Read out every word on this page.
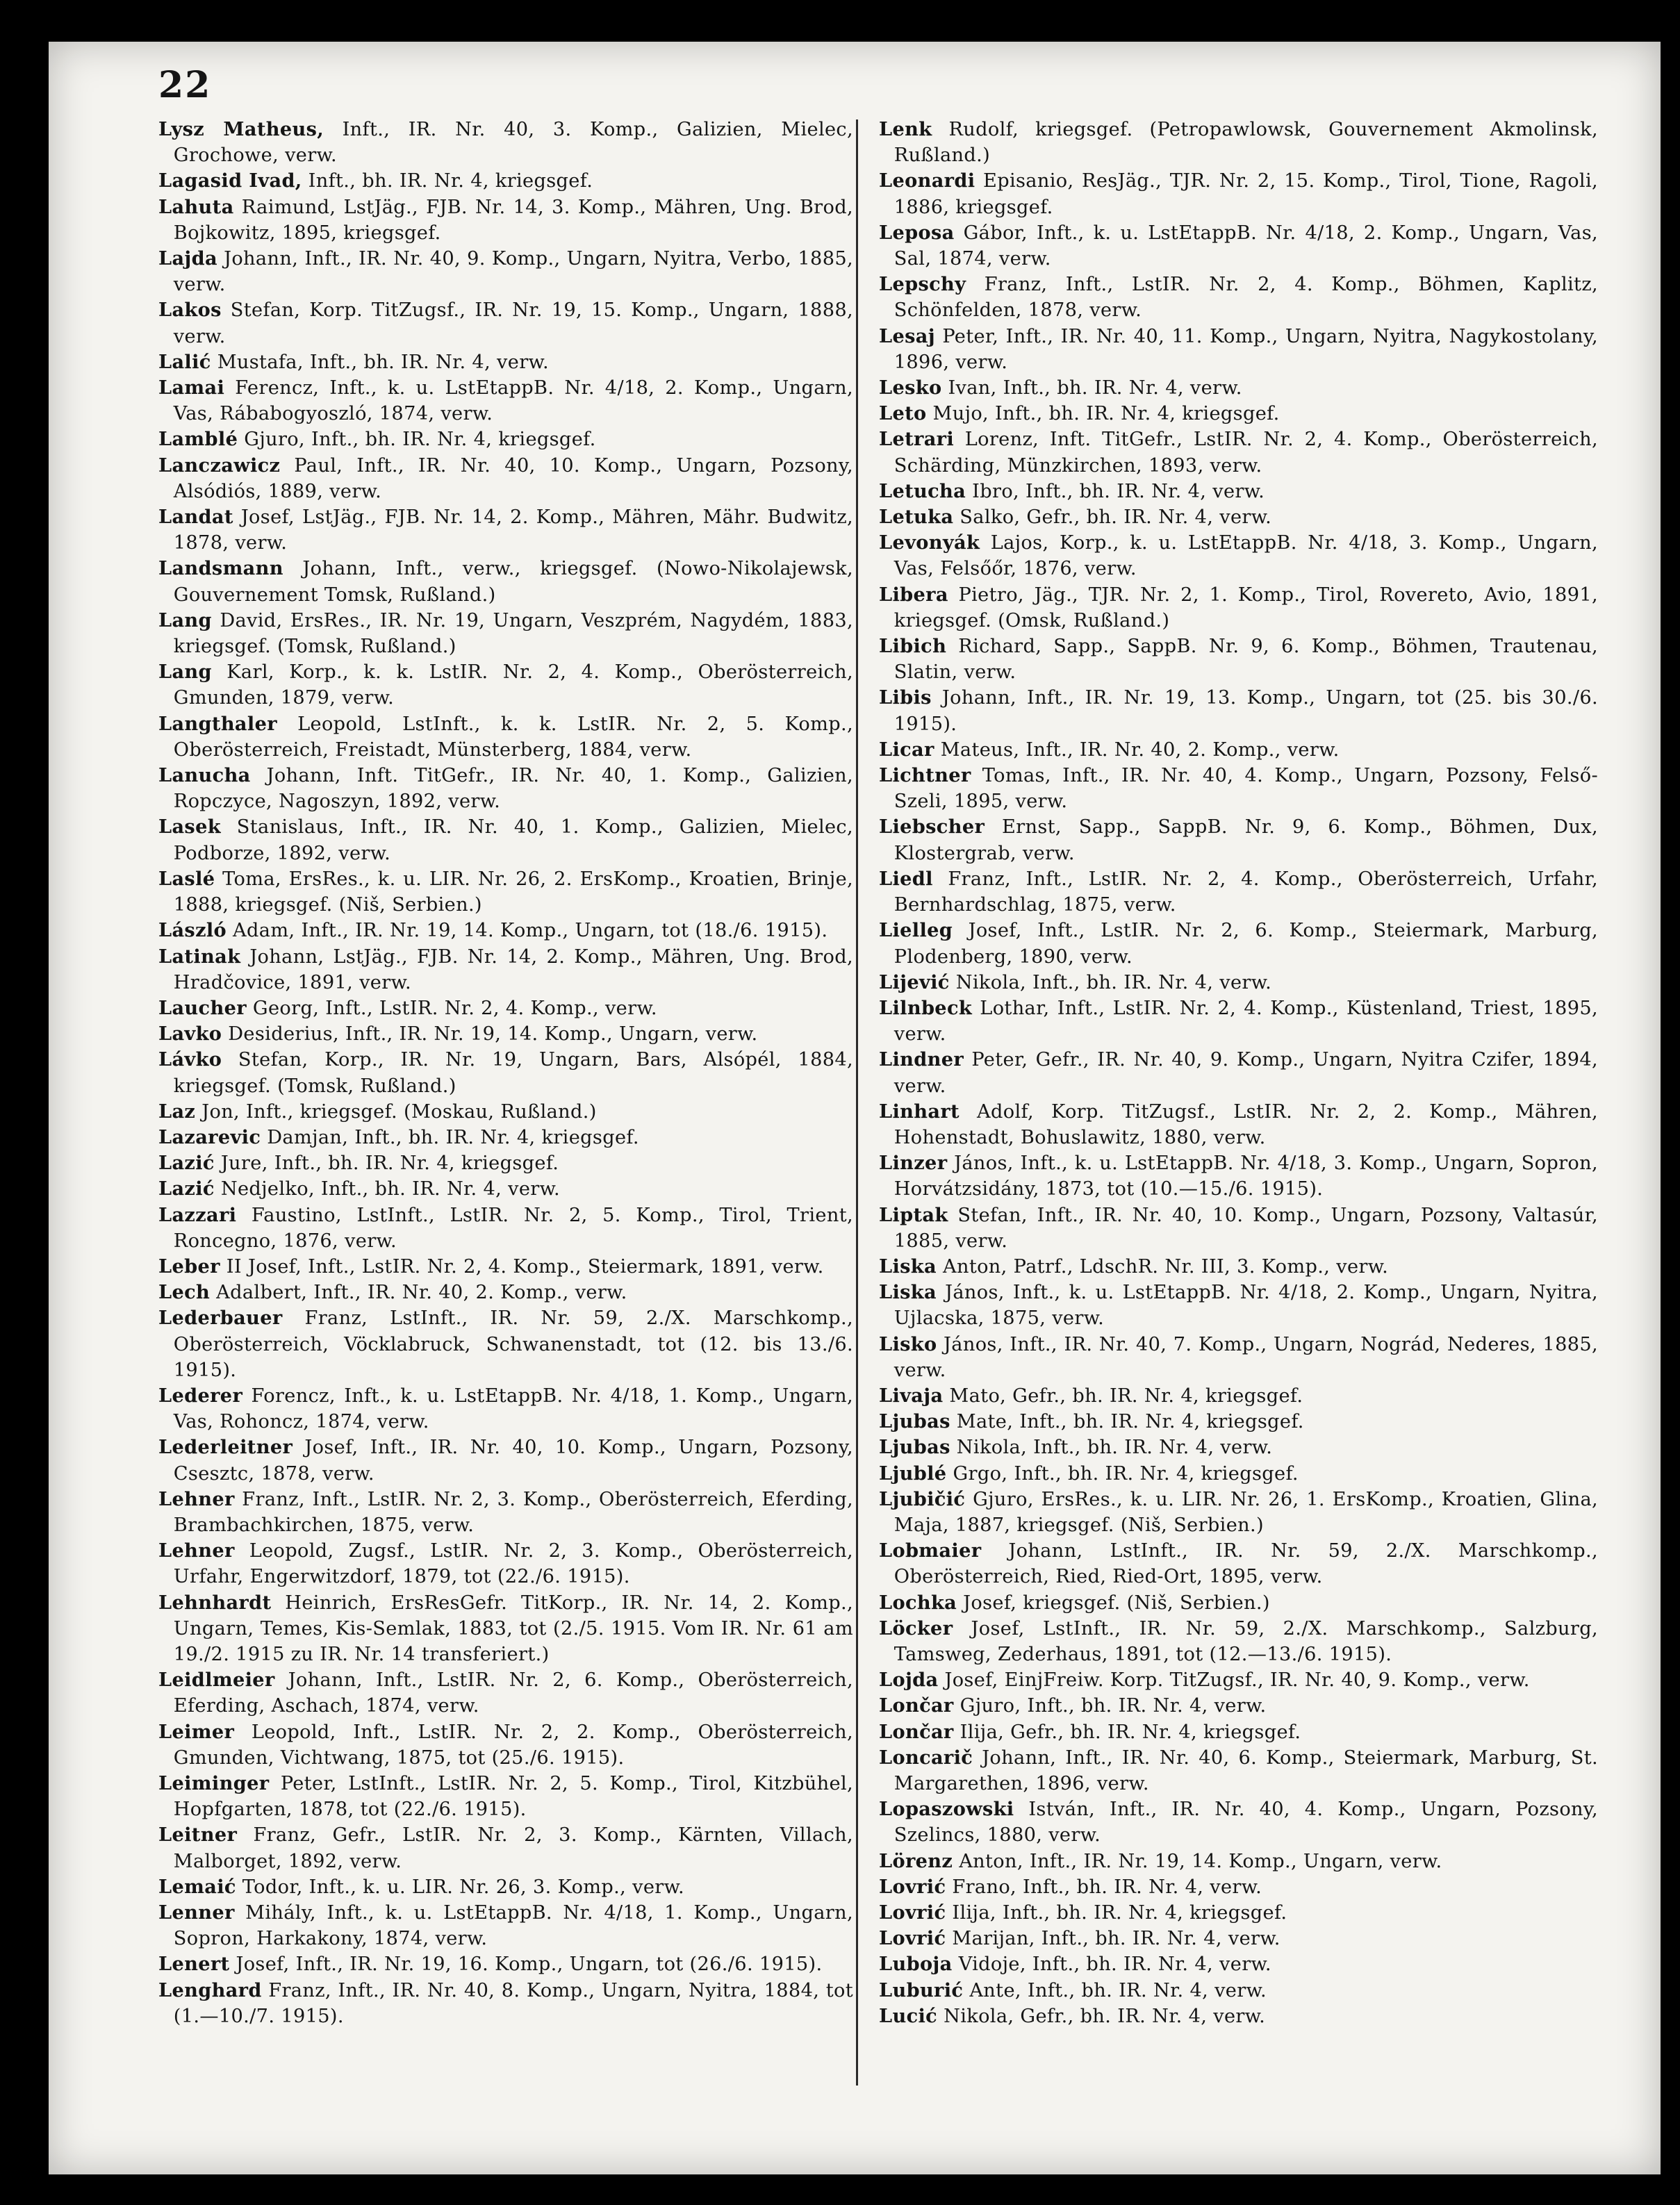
22

Lysz Matheus, Inft., IR. Nr. 40, 3. Komp., Galizien, Mielec, Grochowe, verw.

Lagasid Ivad, Inft., bh. IR. Nr. 4, kriegsgef.

Lahuta Raimund, LstJäg., FJB. Nr. 14, 3. Komp., Mähren, Ung. Brod, Bojkowitz, 1895, kriegsgef.

Lajda Johann, Inft., IR. Nr. 40, 9. Komp., Ungarn, Nyitra, Verbo, 1885, verw.

Lakos Stefan, Korp. TitZugsf., IR. Nr. 19, 15. Komp., Ungarn, 1888, verw.

Lalić Mustafa, Inft., bh. IR. Nr. 4, verw.

Lamai Ferencz, Inft., k. u. LstEtappB. Nr. 4/18, 2. Komp., Ungarn, Vas, Rábabogyoszló, 1874, verw.

Lamblé Gjuro, Inft., bh. IR. Nr. 4, kriegsgef.

Lanczawicz Paul, Inft., IR. Nr. 40, 10. Komp., Ungarn, Pozsony, Alsódiós, 1889, verw.

Landat Josef, LstJäg., FJB. Nr. 14, 2. Komp., Mähren, Mähr. Budwitz, 1878, verw.

Landsmann Johann, Inft., verw., kriegsgef. (Nowo-Nikolajewsk, Gouvernement Tomsk, Rußland.)

Lang David, ErsRes., IR. Nr. 19, Ungarn, Veszprém, Nagydém, 1883, kriegsgef. (Tomsk, Rußland.)

Lang Karl, Korp., k. k. LstIR. Nr. 2, 4. Komp., Oberösterreich, Gmunden, 1879, verw.

Langthaler Leopold, LstInft., k. k. LstIR. Nr. 2, 5. Komp., Oberösterreich, Freistadt, Münsterberg, 1884, verw.

Lanucha Johann, Inft. TitGefr., IR. Nr. 40, 1. Komp., Galizien, Ropczyce, Nagoszyn, 1892, verw.

Lasek Stanislaus, Inft., IR. Nr. 40, 1. Komp., Galizien, Mielec, Podborze, 1892, verw.

Laslé Toma, ErsRes., k. u. LIR. Nr. 26, 2. ErsKomp., Kroatien, Brinje, 1888, kriegsgef. (Niš, Serbien.)

László Adam, Inft., IR. Nr. 19, 14. Komp., Ungarn, tot (18./6. 1915).

Latinak Johann, LstJäg., FJB. Nr. 14, 2. Komp., Mähren, Ung. Brod, Hradčovice, 1891, verw.

Laucher Georg, Inft., LstIR. Nr. 2, 4. Komp., verw.

Lavko Desiderius, Inft., IR. Nr. 19, 14. Komp., Ungarn, verw.

Lávko Stefan, Korp., IR. Nr. 19, Ungarn, Bars, Alsópél, 1884, kriegsgef. (Tomsk, Rußland.)

Laz Jon, Inft., kriegsgef. (Moskau, Rußland.)

Lazarevic Damjan, Inft., bh. IR. Nr. 4, kriegsgef.

Lazić Jure, Inft., bh. IR. Nr. 4, kriegsgef.

Lazić Nedjelko, Inft., bh. IR. Nr. 4, verw.

Lazzari Faustino, LstInft., LstIR. Nr. 2, 5. Komp., Tirol, Trient, Roncegno, 1876, verw.

Leber II Josef, Inft., LstIR. Nr. 2, 4. Komp., Steiermark, 1891, verw.

Lech Adalbert, Inft., IR. Nr. 40, 2. Komp., verw.

Lederbauer Franz, LstInft., IR. Nr. 59, 2./X. Marschkomp., Oberösterreich, Vöcklabruck, Schwanenstadt, tot (12. bis 13./6. 1915).

Lederer Forencz, Inft., k. u. LstEtappB. Nr. 4/18, 1. Komp., Ungarn, Vas, Rohoncz, 1874, verw.

Lederleitner Josef, Inft., IR. Nr. 40, 10. Komp., Ungarn, Pozsony, Csesztc, 1878, verw.

Lehner Franz, Inft., LstIR. Nr. 2, 3. Komp., Oberösterreich, Eferding, Brambachkirchen, 1875, verw.

Lehner Leopold, Zugsf., LstIR. Nr. 2, 3. Komp., Oberösterreich, Urfahr, Engerwitzdorf, 1879, tot (22./6. 1915).

Lehnhardt Heinrich, ErsResGefr. TitKorp., IR. Nr. 14, 2. Komp., Ungarn, Temes, Kis-Semlak, 1883, tot (2./5. 1915. Vom IR. Nr. 61 am 19./2. 1915 zu IR. Nr. 14 transferiert.)

Leidlmeier Johann, Inft., LstIR. Nr. 2, 6. Komp., Oberösterreich, Eferding, Aschach, 1874, verw.

Leimer Leopold, Inft., LstIR. Nr. 2, 2. Komp., Oberösterreich, Gmunden, Vichtwang, 1875, tot (25./6. 1915).

Leiminger Peter, LstInft., LstIR. Nr. 2, 5. Komp., Tirol, Kitzbühel, Hopfgarten, 1878, tot (22./6. 1915).

Leitner Franz, Gefr., LstIR. Nr. 2, 3. Komp., Kärnten, Villach, Malborget, 1892, verw.

Lemaić Todor, Inft., k. u. LIR. Nr. 26, 3. Komp., verw.

Lenner Mihály, Inft., k. u. LstEtappB. Nr. 4/18, 1. Komp., Ungarn, Sopron, Harkakony, 1874, verw.

Lenert Josef, Inft., IR. Nr. 19, 16. Komp., Ungarn, tot (26./6. 1915).

Lenghard Franz, Inft., IR. Nr. 40, 8. Komp., Ungarn, Nyitra, 1884, tot (1.—10./7. 1915).

Lenk Rudolf, kriegsgef. (Petropawlowsk, Gouvernement Akmolinsk, Rußland.)

Leonardi Episanio, ResJäg., TJR. Nr. 2, 15. Komp., Tirol, Tione, Ragoli, 1886, kriegsgef.

Leposa Gábor, Inft., k. u. LstEtappB. Nr. 4/18, 2. Komp., Ungarn, Vas, Sal, 1874, verw.

Lepschy Franz, Inft., LstIR. Nr. 2, 4. Komp., Böhmen, Kaplitz, Schönfelden, 1878, verw.

Lesaj Peter, Inft., IR. Nr. 40, 11. Komp., Ungarn, Nyitra, Nagykostolany, 1896, verw.

Lesko Ivan, Inft., bh. IR. Nr. 4, verw.

Leto Mujo, Inft., bh. IR. Nr. 4, kriegsgef.

Letrari Lorenz, Inft. TitGefr., LstIR. Nr. 2, 4. Komp., Oberösterreich, Schärding, Münzkirchen, 1893, verw.

Letucha Ibro, Inft., bh. IR. Nr. 4, verw.

Letuka Salko, Gefr., bh. IR. Nr. 4, verw.

Levonyák Lajos, Korp., k. u. LstEtappB. Nr. 4/18, 3. Komp., Ungarn, Vas, Felsőőr, 1876, verw.

Libera Pietro, Jäg., TJR. Nr. 2, 1. Komp., Tirol, Rovereto, Avio, 1891, kriegsgef. (Omsk, Rußland.)

Libich Richard, Sapp., SappB. Nr. 9, 6. Komp., Böhmen, Trautenau, Slatin, verw.

Libis Johann, Inft., IR. Nr. 19, 13. Komp., Ungarn, tot (25. bis 30./6. 1915).

Licar Mateus, Inft., IR. Nr. 40, 2. Komp., verw.

Lichtner Tomas, Inft., IR. Nr. 40, 4. Komp., Ungarn, Pozsony, Felső-Szeli, 1895, verw.

Liebscher Ernst, Sapp., SappB. Nr. 9, 6. Komp., Böhmen, Dux, Klostergrab, verw.

Liedl Franz, Inft., LstIR. Nr. 2, 4. Komp., Oberösterreich, Urfahr, Bernhardschlag, 1875, verw.

Lielleg Josef, Inft., LstIR. Nr. 2, 6. Komp., Steiermark, Marburg, Plodenberg, 1890, verw.

Lijević Nikola, Inft., bh. IR. Nr. 4, verw.

Lilnbeck Lothar, Inft., LstIR. Nr. 2, 4. Komp., Küstenland, Triest, 1895, verw.

Lindner Peter, Gefr., IR. Nr. 40, 9. Komp., Ungarn, Nyitra Czifer, 1894, verw.

Linhart Adolf, Korp. TitZugsf., LstIR. Nr. 2, 2. Komp., Mähren, Hohenstadt, Bohuslawitz, 1880, verw.

Linzer János, Inft., k. u. LstEtappB. Nr. 4/18, 3. Komp., Ungarn, Sopron, Horvátzsidány, 1873, tot (10.—15./6. 1915).

Liptak Stefan, Inft., IR. Nr. 40, 10. Komp., Ungarn, Pozsony, Valtasúr, 1885, verw.

Liska Anton, Patrf., LdschR. Nr. III, 3. Komp., verw.

Liska János, Inft., k. u. LstEtappB. Nr. 4/18, 2. Komp., Ungarn, Nyitra, Ujlacska, 1875, verw.

Lisko János, Inft., IR. Nr. 40, 7. Komp., Ungarn, Nográd, Nederes, 1885, verw.

Livaja Mato, Gefr., bh. IR. Nr. 4, kriegsgef.

Ljubas Mate, Inft., bh. IR. Nr. 4, kriegsgef.

Ljubas Nikola, Inft., bh. IR. Nr. 4, verw.

Ljublé Grgo, Inft., bh. IR. Nr. 4, kriegsgef.

Ljubičić Gjuro, ErsRes., k. u. LIR. Nr. 26, 1. ErsKomp., Kroatien, Glina, Maja, 1887, kriegsgef. (Niš, Serbien.)

Lobmaier Johann, LstInft., IR. Nr. 59, 2./X. Marschkomp., Oberösterreich, Ried, Ried-Ort, 1895, verw.

Lochka Josef, kriegsgef. (Niš, Serbien.)

Löcker Josef, LstInft., IR. Nr. 59, 2./X. Marschkomp., Salzburg, Tamsweg, Zederhaus, 1891, tot (12.—13./6. 1915).

Lojda Josef, EinjFreiw. Korp. TitZugsf., IR. Nr. 40, 9. Komp., verw.

Lončar Gjuro, Inft., bh. IR. Nr. 4, verw.

Lončar Ilija, Gefr., bh. IR. Nr. 4, kriegsgef.

Loncarič Johann, Inft., IR. Nr. 40, 6. Komp., Steiermark, Marburg, St. Margarethen, 1896, verw.

Lopaszowski István, Inft., IR. Nr. 40, 4. Komp., Ungarn, Pozsony, Szelincs, 1880, verw.

Lörenz Anton, Inft., IR. Nr. 19, 14. Komp., Ungarn, verw.

Lovrić Frano, Inft., bh. IR. Nr. 4, verw.

Lovrić Ilija, Inft., bh. IR. Nr. 4, kriegsgef.

Lovrić Marijan, Inft., bh. IR. Nr. 4, verw.

Luboja Vidoje, Inft., bh. IR. Nr. 4, verw.

Luburić Ante, Inft., bh. IR. Nr. 4, verw.

Lucić Nikola, Gefr., bh. IR. Nr. 4, verw.
